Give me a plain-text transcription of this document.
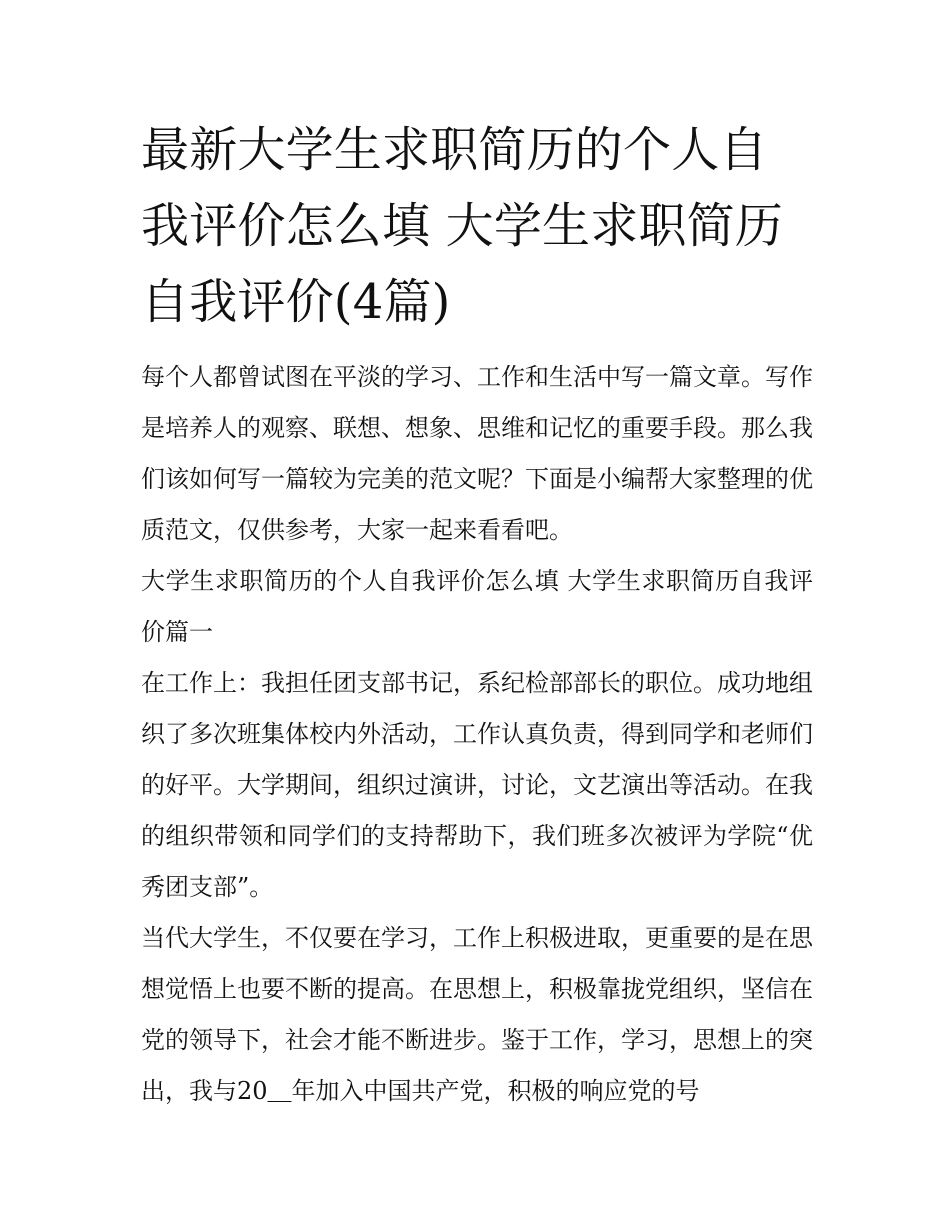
最新大学生求职简历的个人自我评价怎么填 大学生求职简历自我评价(4篇)

每个人都曾试图在平淡的学习、工作和生活中写一篇文章。写作是培养人的观察、联想、想象、思维和记忆的重要手段。那么我们该如何写一篇较为完美的范文呢？下面是小编帮大家整理的优质范文，仅供参考，大家一起来看看吧。

大学生求职简历的个人自我评价怎么填 大学生求职简历自我评价篇一

在工作上：我担任团支部书记，系纪检部部长的职位。成功地组织了多次班集体校内外活动，工作认真负责，得到同学和老师们的好平。大学期间，组织过演讲，讨论，文艺演出等活动。在我的组织带领和同学们的支持帮助下，我们班多次被评为学院“优秀团支部”。

当代大学生，不仅要在学习，工作上积极进取，更重要的是在思想觉悟上也要不断的提高。在思想上，积极靠拢党组织，坚信在党的领导下，社会才能不断进步。鉴于工作，学习，思想上的突出，我与20＿年加入中国共产党，积极的响应党的号
